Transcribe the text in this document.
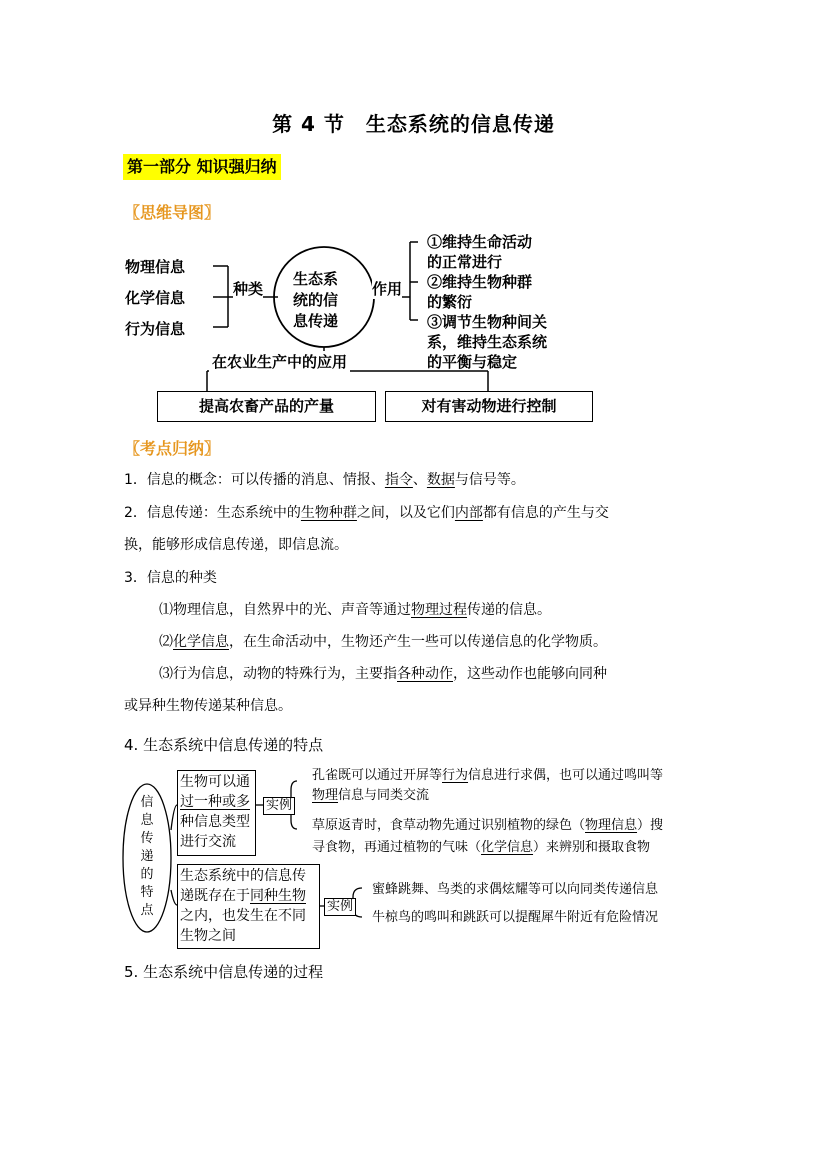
第 4 节　生态系统的信息传递
第一部分 知识强归纳
〖思维导图〗
物理信息
化学信息
行为信息
种类
生态系
统的信
息传递
作用
①维持生命活动
的正常进行
②维持生物种群
的繁衍
③调节生物种间关
系，维持生态系统
的平衡与稳定
在农业生产中的应用
提高农畜产品的产量	对有害动物进行控制
〖考点归纳〗
1．信息的概念：可以传播的消息、情报、指令、数据与信号等。
2．信息传递：生态系统中的生物种群之间，以及它们内部都有信息的产生与交
换，能够形成信息传递，即信息流。
3．信息的种类
⑴物理信息，自然界中的光、声音等通过物理过程传递的信息。
⑵化学信息，在生命活动中，生物还产生一些可以传递信息的化学物质。
⑶行为信息，动物的特殊行为，主要指各种动作，这些动作也能够向同种
或异种生物传递某种信息。
4. 生态系统中信息传递的特点
信
息
传
递
的
特
点
生物可以通
过一种或多
种信息类型
进行交流
实例
孔雀既可以通过开屏等行为信息进行求偶，也可以通过鸣叫等
物理信息与同类交流
草原返青时，食草动物先通过识别植物的绿色（物理信息）搜
寻食物，再通过植物的气味（化学信息）来辨别和摄取食物
生态系统中的信息传
递既存在于同种生物
之内，也发生在不同
生物之间
实例
蜜蜂跳舞、鸟类的求偶炫耀等可以向同类传递信息
牛椋鸟的鸣叫和跳跃可以提醒犀牛附近有危险情况
5. 生态系统中信息传递的过程
